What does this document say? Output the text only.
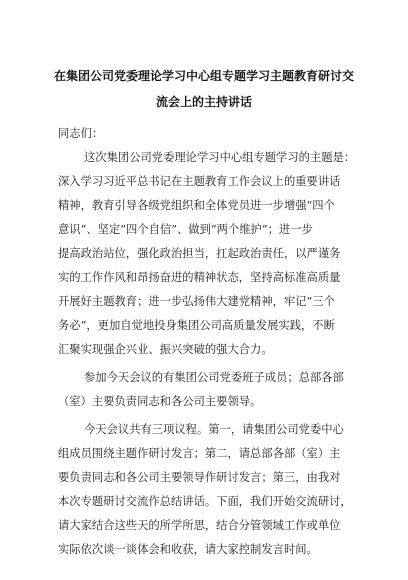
在集团公司党委理论学习中心组专题学习主题教育研讨交
流会上的主持讲话
同志们：
这次集团公司党委理论学习中心组专题学习的主题是：
深入学习习近平总书记在主题教育工作会议上的重要讲话
精神，教育引导各级党组织和全体党员进一步增强“四个
意识”、坚定“四个自信”、做到“两个维护”；进一步
提高政治站位，强化政治担当，扛起政治责任，以严谨务
实的工作作风和昂扬奋进的精神状态，坚持高标准高质量
开展好主题教育；进一步弘扬伟大建党精神，牢记“三个
务必”，更加自觉地投身集团公司高质量发展实践，不断
汇聚实现强企兴业、振兴突破的强大合力。
参加今天会议的有集团公司党委班子成员；总部各部
（室）主要负责同志和各公司主要领导。
今天会议共有三项议程。第一，请集团公司党委中心
组成员围绕主题作研讨发言；第二，请总部各部（室）主
要负责同志和各公司主要领导作研讨发言；第三，由我对
本次专题研讨交流作总结讲话。下面，我们开始交流研讨，
请大家结合这些天的所学所思，结合分管领域工作或单位
实际依次谈一谈体会和收获，请大家控制发言时间。
